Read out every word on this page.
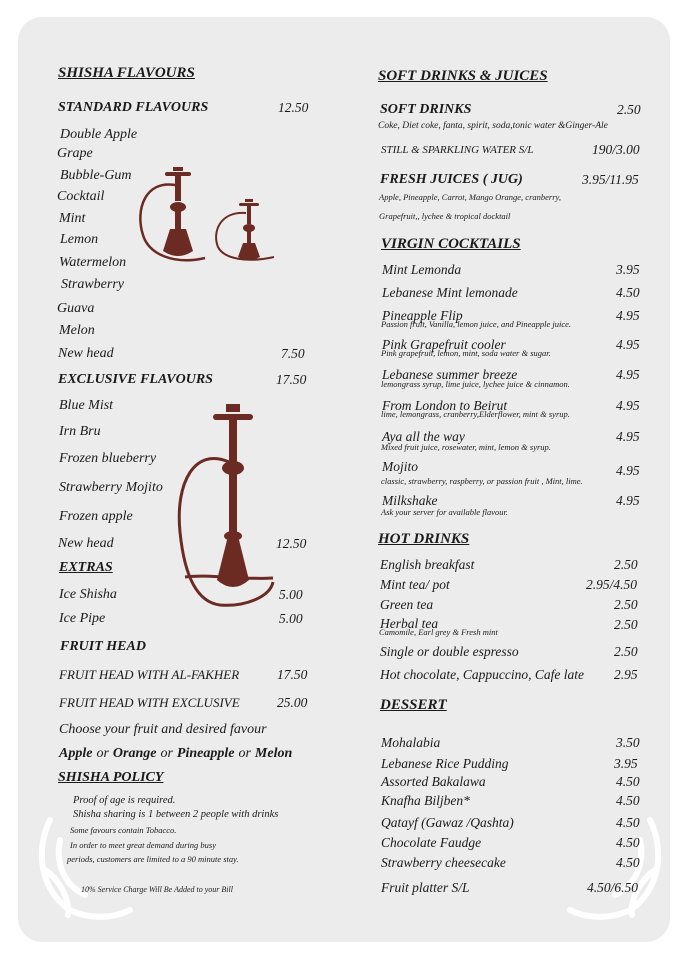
SHISHA FLAVOURS
STANDARD FLAVOURS	12.50
Double Apple
Grape
Bubble-Gum
Cocktail
Mint
Lemon
Watermelon
Strawberry
Guava
Melon
New head	7.50
EXCLUSIVE FLAVOURS	17.50
Blue Mist
Irn Bru
Frozen blueberry
Strawberry Mojito
Frozen apple
New head	12.50
EXTRAS
Ice Shisha	5.00
Ice Pipe	5.00
FRUIT HEAD
FRUIT HEAD WITH AL-FAKHER	17.50
FRUIT HEAD WITH EXCLUSIVE	25.00
Choose your fruit and desired favour
Apple or Orange or Pineapple or Melon
SHISHA POLICY
Proof of age is required.
Shisha sharing is 1 between 2 people with drinks
Some favours contain Tobacco.
In order to meet great demand during busy
periods, customers are limited to a 90 minute stay.
10% Service Charge Will Be Added to your Bill
SOFT DRINKS & JUICES
SOFT DRINKS	2.50
Coke, Diet coke, fanta, spirit, soda,tonic water &Ginger-Ale
STILL & SPARKLING WATER S/L	190/3.00
FRESH JUICES ( JUG)	3.95/11.95
Apple, Pineapple, Carrot, Mango Orange, cranberry,
Grapefruit,, lychee & tropical docktail
VIRGIN COCKTAILS
Mint Lemonda	3.95
Lebanese Mint lemonade	4.50
Pineapple Flip	4.95
Passion fruit, Vanilla, lemon juice, and Pineapple juice.
Pink Grapefruit cooler	4.95
Pink grapefruit, lemon, mint, soda water & sugar.
Lebanese summer breeze	4.95
lemongrass syrup, lime juice, lychee juice & cinnamon.
From London to Beirut	4.95
lime, lemongrass, cranberry,Elderflower, mint & syrup.
Aya all the way	4.95
Mixed fruit juice, rosewater, mint, lemon & syrup.
Mojito	4.95
classic, strawberry, raspberry, or passion fruit , Mint, lime.
Milkshake	4.95
Ask your server for available flavour.
HOT DRINKS
English breakfast	2.50
Mint tea/ pot	2.95/4.50
Green tea	2.50
Herbal tea	2.50
Camomile, Earl grey & Fresh mint
Single or double espresso	2.50
Hot chocolate, Cappuccino, Cafe late 2.95
DESSERT
Mohalabia	3.50
Lebanese Rice Pudding	3.95
Assorted Bakalawa	4.50
Knafha Biljben*	4.50
Qatayf (Gawaz /Qashta)	4.50
Chocolate Faudge	4.50
Strawberry cheesecake	4.50
Fruit platter S/L	4.50/6.50
